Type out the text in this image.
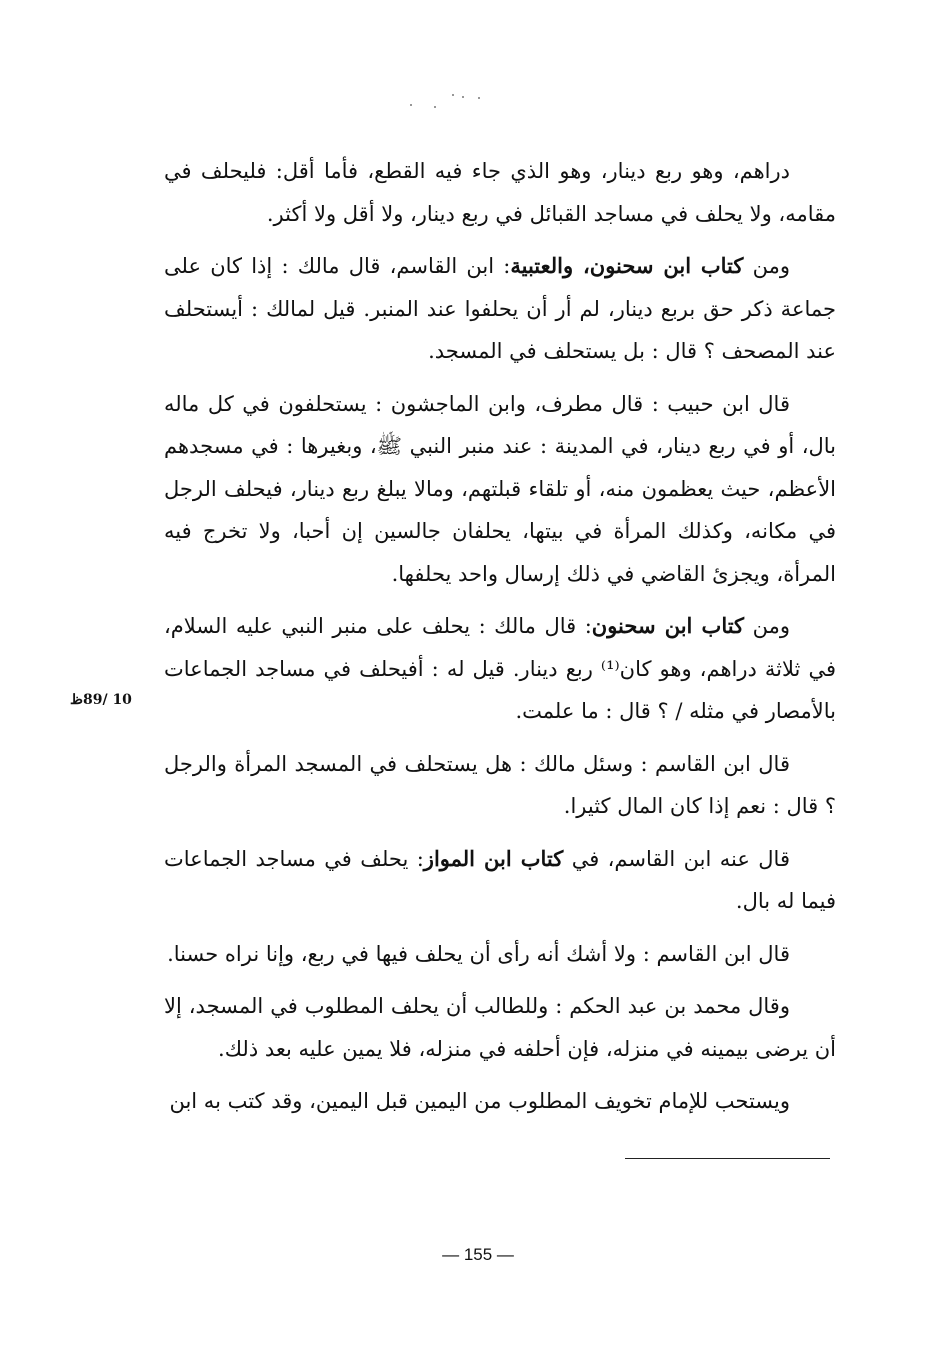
دراهم، وهو ربع دينار، وهو الذي جاء فيه القطع، فأما أقل: فليحلف في مقامه، ولا يحلف في مساجد القبائل في ربع دينار، ولا أقل ولا أكثر.

ومن كتاب ابن سحنون، والعتبية: ابن القاسم، قال مالك : إذا كان على جماعة ذكر حق بربع دينار، لم أر أن يحلفوا عند المنبر. قيل لمالك : أيستحلف عند المصحف ؟ قال : بل يستحلف في المسجد.

قال ابن حبيب : قال مطرف، وابن الماجشون : يستحلفون في كل ماله بال، أو في ربع دينار، في المدينة : عند منبر النبي ﷺ، وبغيرها : في مسجدهم الأعظم، حيث يعظمون منه، أو تلقاء قبلتهم، ومالا يبلغ ربع دينار، فيحلف الرجل في مكانه، وكذلك المرأة في بيتها، يحلفان جالسين إن أحبا، ولا تخرج فيه المرأة، ويجزئ القاضي في ذلك إرسال واحد يحلفها.

ومن كتاب ابن سحنون: قال مالك : يحلف على منبر النبي عليه السلام، في ثلاثة دراهم، وهو كان⁽¹⁾ ربع دينار. قيل له : أفيحلف في مساجد الجماعات بالأمصار في مثله / ؟ قال : ما علمت.

قال ابن القاسم : وسئل مالك : هل يستحلف في المسجد المرأة والرجل ؟ قال : نعم إذا كان المال كثيرا.

قال عنه ابن القاسم، في كتاب ابن المواز: يحلف في مساجد الجماعات فيما له بال.

قال ابن القاسم : ولا أشك أنه رأى أن يحلف فيها في ربع، وإنا نراه حسنا.

وقال محمد بن عبد الحكم : وللطالب أن يحلف المطلوب في المسجد، إلا أن يرضى بيمينه في منزله، فإن أحلفه في منزله، فلا يمين عليه بعد ذلك.

ويستحب للإمام تخويف المطلوب من اليمين قبل اليمين، وقد كتب به ابن

10 /89ظ
— 155 —
